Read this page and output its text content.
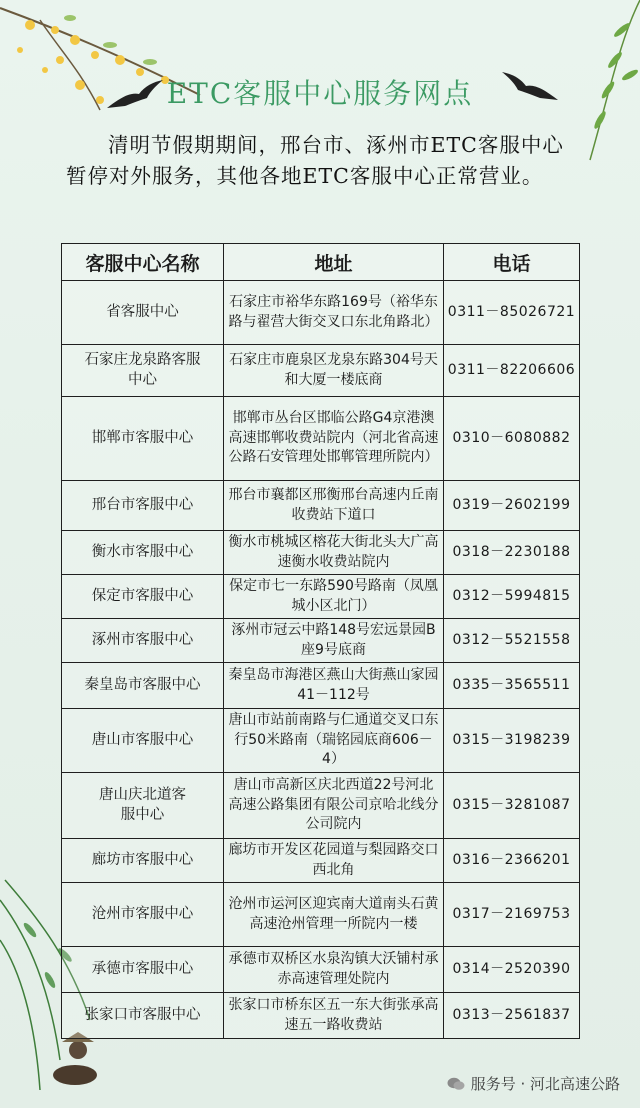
ETC客服中心服务网点
清明节假期期间，邢台市、涿州市ETC客服中心暂停对外服务，其他各地ETC客服中心正常营业。
客服中心名称	地址	电话
省客服中心	石家庄市裕华东路169号（裕华东路与翟营大街交叉口东北角路北）	0311－85026721
石家庄龙泉路客服中心	石家庄市鹿泉区龙泉东路304号天和大厦一楼底商	0311－82206606
邯郸市客服中心	邯郸市丛台区邯临公路G4京港澳高速邯郸收费站院内（河北省高速公路石安管理处邯郸管理所院内）	0310－6080882
邢台市客服中心	邢台市襄都区邢衡邢台高速内丘南收费站下道口	0319－2602199
衡水市客服中心	衡水市桃城区榕花大街北头大广高速衡水收费站院内	0318－2230188
保定市客服中心	保定市七一东路590号路南（凤凰城小区北门）	0312－5994815
涿州市客服中心	涿州市冠云中路148号宏远景园B座9号底商	0312－5521558
秦皇岛市客服中心	秦皇岛市海港区燕山大街燕山家园41－112号	0335－3565511
唐山市客服中心	唐山市站前南路与仁通道交叉口东行50米路南（瑞铭园底商606－4）	0315－3198239
唐山庆北道客服中心	唐山市高新区庆北西道22号河北高速公路集团有限公司京哈北线分公司院内	0315－3281087
廊坊市客服中心	廊坊市开发区花园道与梨园路交口西北角	0316－2366201
沧州市客服中心	沧州市运河区迎宾南大道南头石黄高速沧州管理一所院内一楼	0317－2169753
承德市客服中心	承德市双桥区水泉沟镇大沃铺村承赤高速管理处院内	0314－2520390
张家口市客服中心	张家口市桥东区五一东大街张承高速五一路收费站	0313－2561837
服务号 · 河北高速公路
